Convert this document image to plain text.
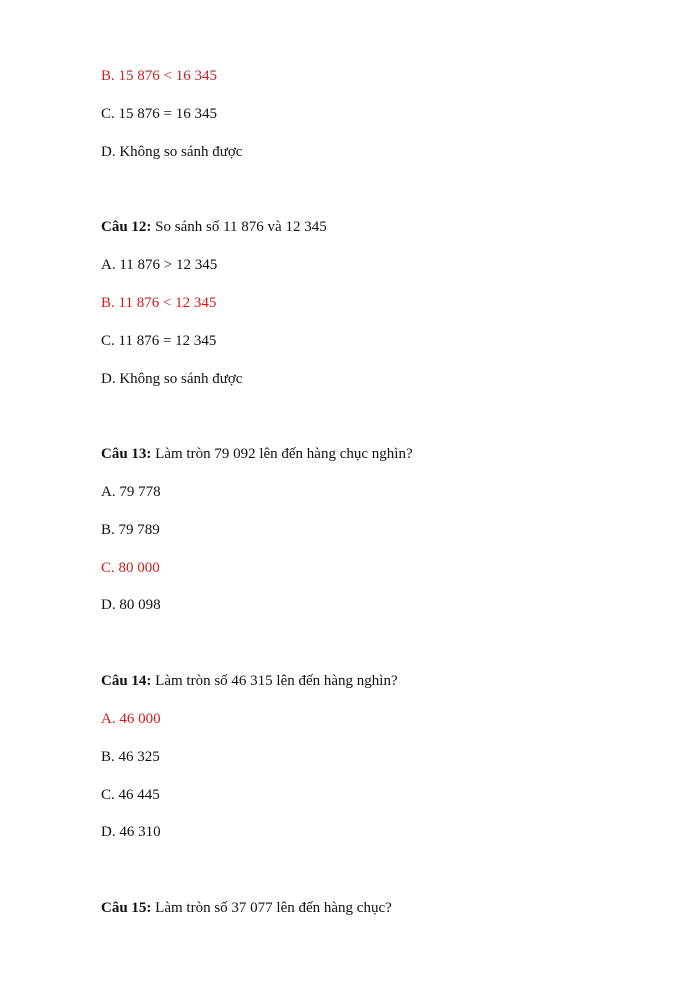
B. 15 876 < 16 345
C. 15 876 = 16 345
D. Không so sánh được
Câu 12: So sánh số 11 876 và 12 345
A. 11 876 > 12 345
B. 11 876 < 12 345
C. 11 876 = 12 345
D. Không so sánh được
Câu 13: Làm tròn 79 092 lên đến hàng chục nghìn?
A. 79 778
B. 79 789
C. 80 000
D. 80 098
Câu 14: Làm tròn số 46 315 lên đến hàng nghìn?
A. 46 000
B. 46 325
C. 46 445
D. 46 310
Câu 15: Làm tròn số 37 077 lên đến hàng chục?
